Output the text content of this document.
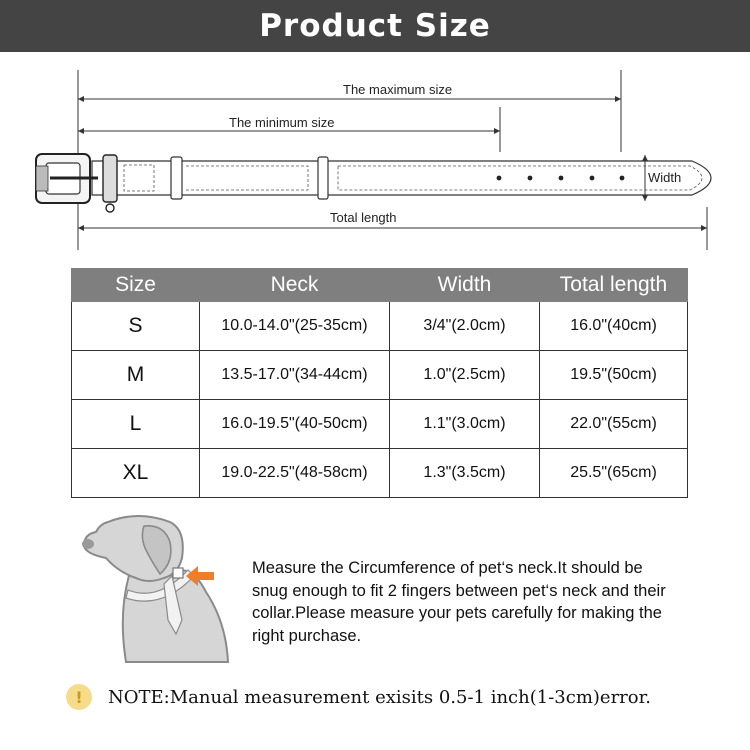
Product Size
The maximum size
The minimum size
Width
Total length
Size	Neck	Width	Total length
S	10.0-14.0"(25-35cm)	3/4"(2.0cm)	16.0"(40cm)
M	13.5-17.0"(34-44cm)	1.0"(2.5cm)	19.5"(50cm)
L	16.0-19.5"(40-50cm)	1.1"(3.0cm)	22.0"(55cm)
XL	19.0-22.5"(48-58cm)	1.3"(3.5cm)	25.5"(65cm)
Measure the Circumference of pet‘s neck.It should be snug enough to fit 2 fingers between pet‘s neck and their collar.Please measure your pets carefully for making the right purchase.
!	NOTE:Manual measurement exisits 0.5-1 inch(1-3cm)error.
